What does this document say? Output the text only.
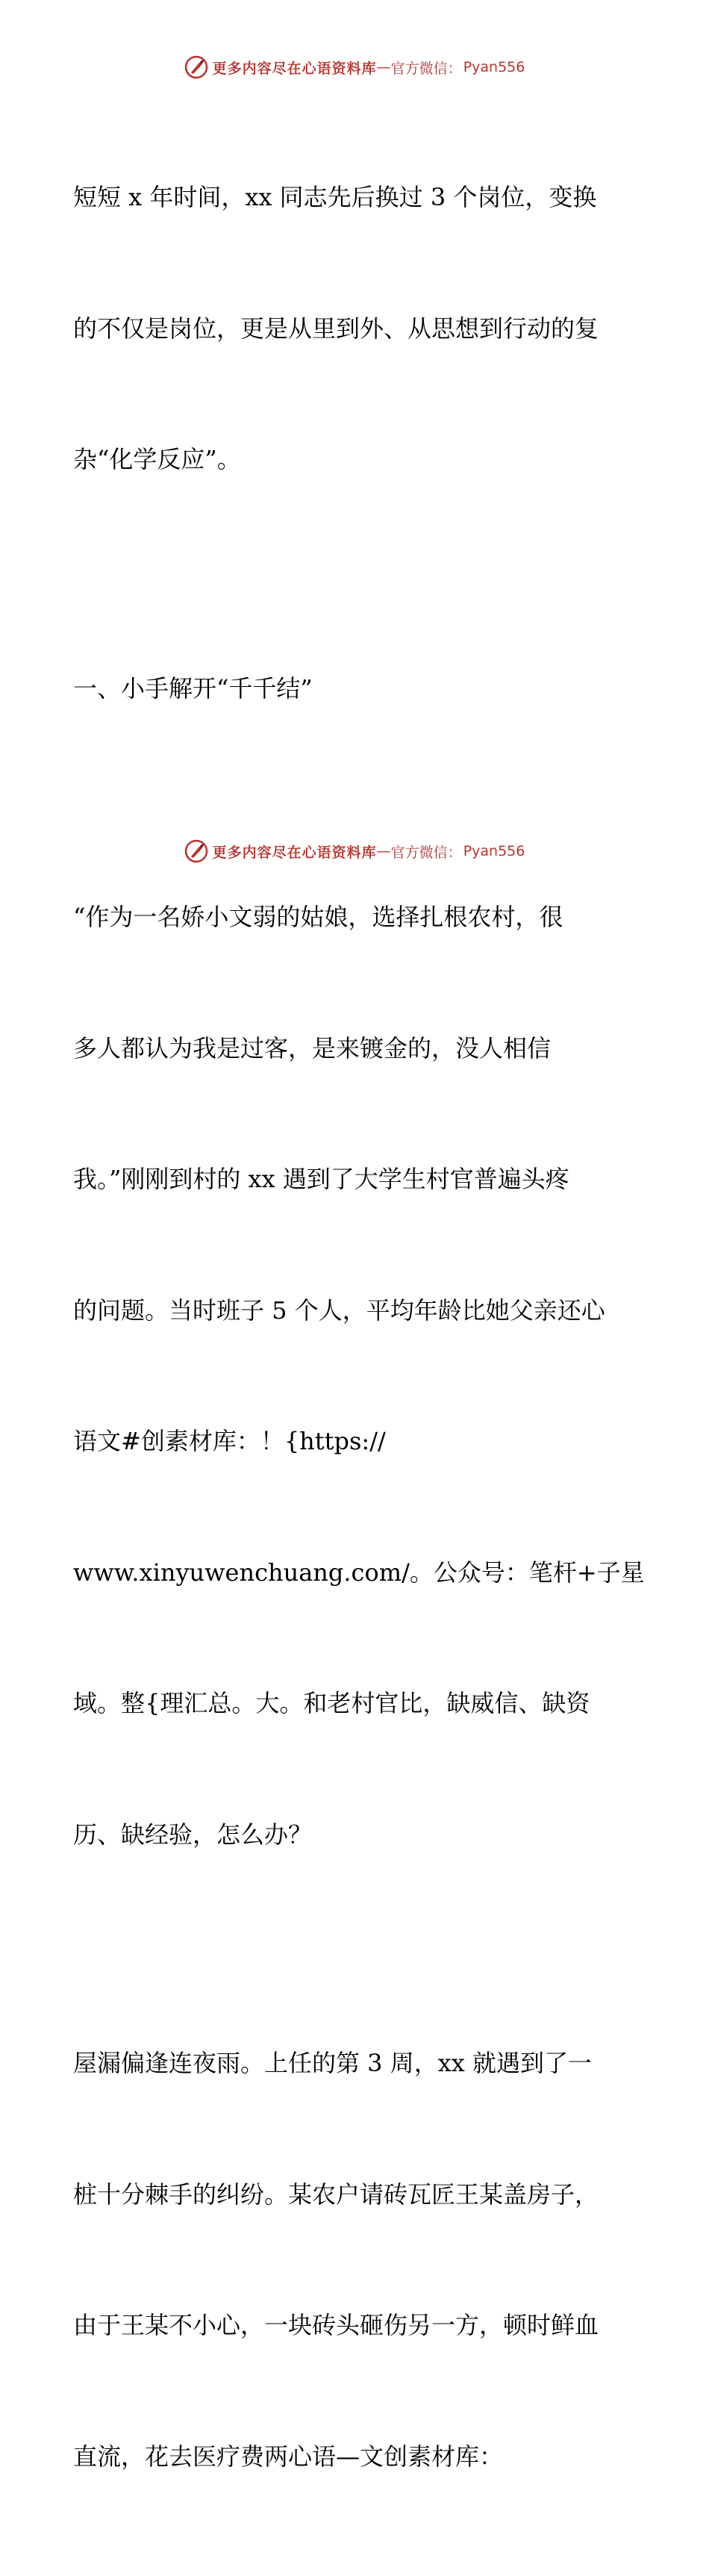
更多内容尽在心语资料库 — 官方微信： Pyan556

短短 x 年时间，xx 同志先后换过 3 个岗位，变换

的不仅是岗位，更是从里到外、从思想到行动的复

杂“化学反应”。

一、小手解开“千千结”

“作为一名娇小文弱的姑娘，选择扎根农村，很

多人都认为我是过客，是来镀金的，没人相信

我。”刚刚到村的 xx 遇到了大学生村官普遍头疼

的问题。当时班子 5 个人，平均年龄比她父亲还心

语文#创素材库：！{https://

www.xinyuwenchuang.com/。公众号：笔杆+子星

域。整{理汇总。大。和老村官比，缺威信、缺资

历、缺经验，怎么办？

屋漏偏逢连夜雨。上任的第 3 周，xx 就遇到了一

桩十分棘手的纠纷。某农户请砖瓦匠王某盖房子，

由于王某不小心，一块砖头砸伤另一方，顿时鲜血

直流，花去医疗费两心语—文创素材库：

更多内容尽在心语资料库 — 官方微信： Pyan556
